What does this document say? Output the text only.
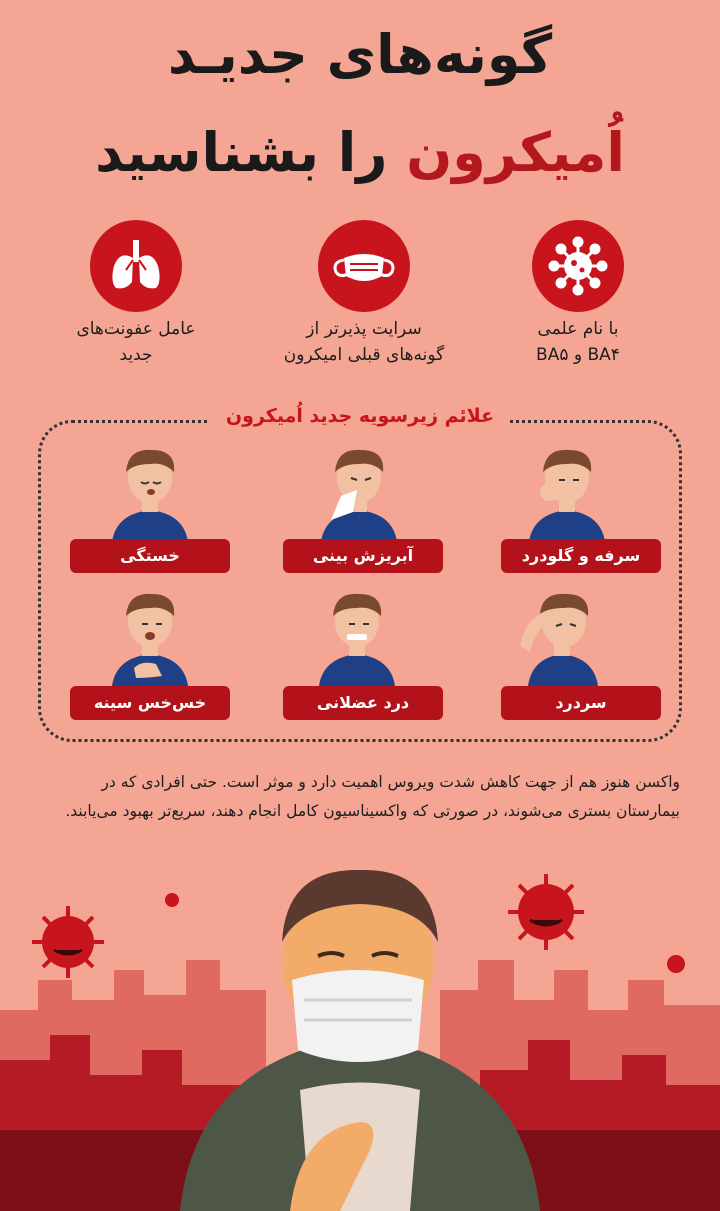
گونه‌های جدیـد
اُمیکرون را بشناسید
با نام علمی
BA۴ و BA۵
سرایت پذیرتر از
گونه‌های قبلی امیکرون
عامل عفونت‌های
جدید
علائم زیرسویه جدید اُمیکرون
سرفه و گلودرد
آبریزش بینی
خستگی
سردرد
درد عضلانی
خس‌خس سینه
واکسن هنوز هم از جهت کاهش شدت ویروس اهمیت دارد و موثر است. حتی افرادی که در بیمارستان بستری می‌شوند، در صورتی که واکسیناسیون کامل انجام دهند، سریع‌تر بهبود می‌یابند.
